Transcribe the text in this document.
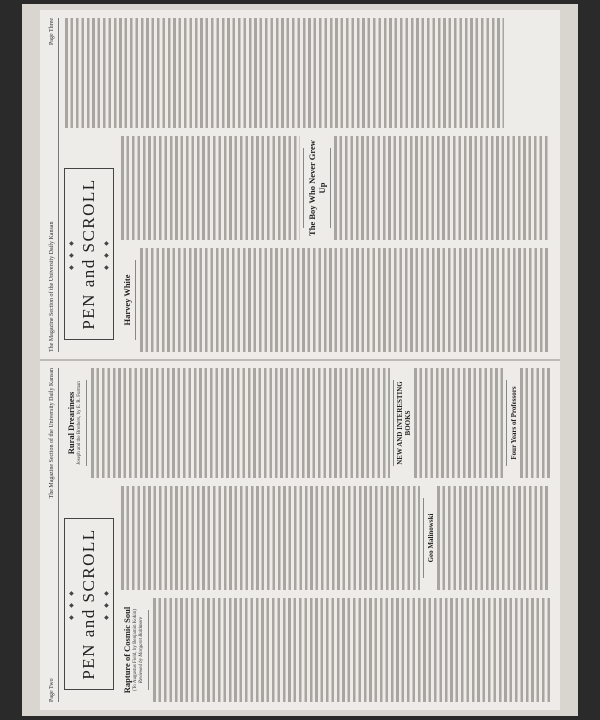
Page Two
The Magazine Section of the University Daily Kansan
◆ ◆ ◆ PEN and SCROLL ◆ ◆ ◆
Rapture of Cosmic Soul (To Augustus Field, by Benjamin Kokin) Reviewed by Margaret Baltimore
Geo Malinowski
Rural Dreariness Joseph and the Brothers, by E. R. Furman	NEW AND INTERESTING BOOKS	Four Years of Professors
The Magazine Section of the University Daily Kansan
Page Three
◆ ◆ ◆ PEN and SCROLL ◆ ◆ ◆
Harvey White
The Boy Who Never Grew Up
